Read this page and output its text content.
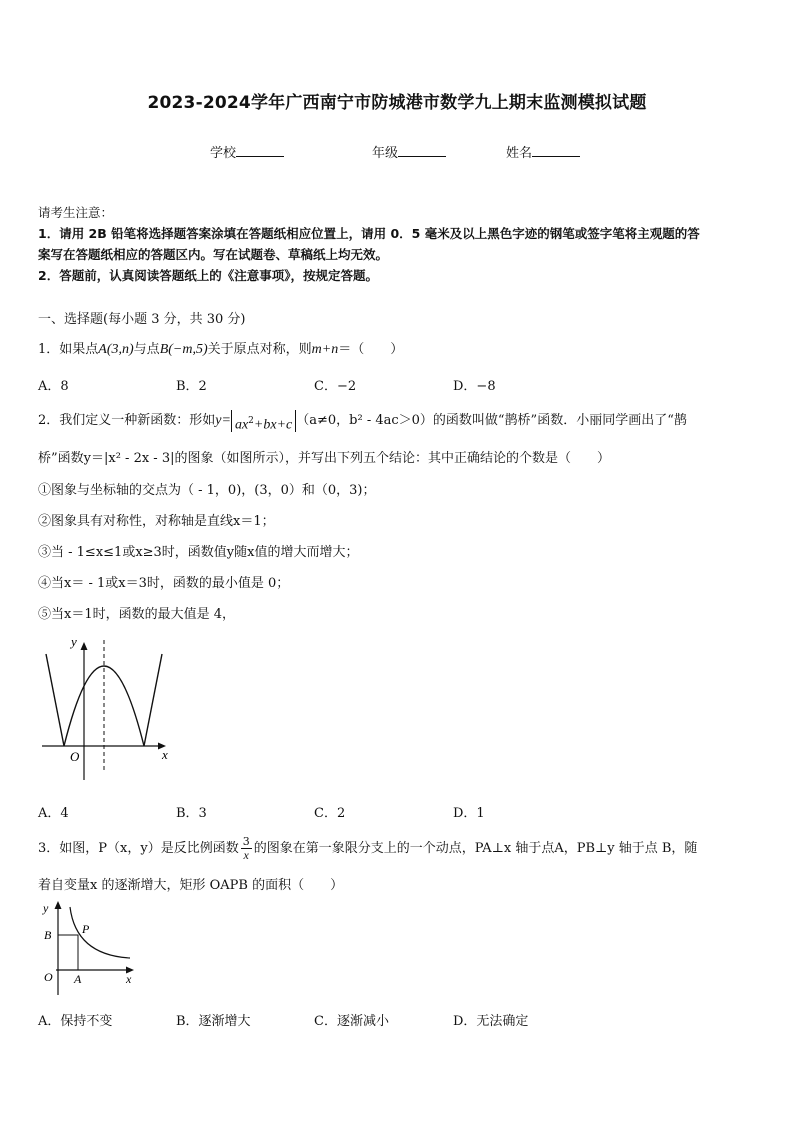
2023-2024学年广西南宁市防城港市数学九上期末监测模拟试题
学校	年级	姓名
请考生注意：
1．请用 2B 铅笔将选择题答案涂填在答题纸相应位置上，请用 0．5 毫米及以上黑色字迹的钢笔或签字笔将主观题的答
案写在答题纸相应的答题区内。写在试题卷、草稿纸上均无效。
2．答题前，认真阅读答题纸上的《注意事项》，按规定答题。
一、选择题(每小题 3 分，共 30 分)
1．如果点A(3,n)与点B(−m,5)关于原点对称，则m+n＝（　　）
A．8	B．2	C．−2	D．−8
2．我们定义一种新函数：形如$y= ax^2+bx+c$ （a≠0，b² - 4ac＞0）的函数叫做“鹊桥”函数．小丽同学画出了“鹊
桥”函数y＝|x² - 2x - 3|的图象（如图所示），并写出下列五个结论：其中正确结论的个数是（　　）
①图象与坐标轴的交点为（ - 1，0)，(3，0）和（0，3)；
②图象具有对称性，对称轴是直线x＝1；
③当 - 1≤x≤1或x≥3时，函数值y随x值的增大而增大；
④当x＝ - 1或x＝3时，函数的最小值是 0；
⑤当x＝1时，函数的最大值是 4，
y
x
O
A．4	B．3	C．2	D．1
3．如图，P（x，y）是反比例函数 $\frac{3}{x}$ 的图象在第一象限分支上的一个动点，PA⊥x 轴于点A，PB⊥y 轴于点 B，随
着自变量x 的逐渐增大，矩形 OAPB 的面积（　　）
y
x
B	P
O A
A．保持不变	B．逐渐增大	C．逐渐减小	D．无法确定
